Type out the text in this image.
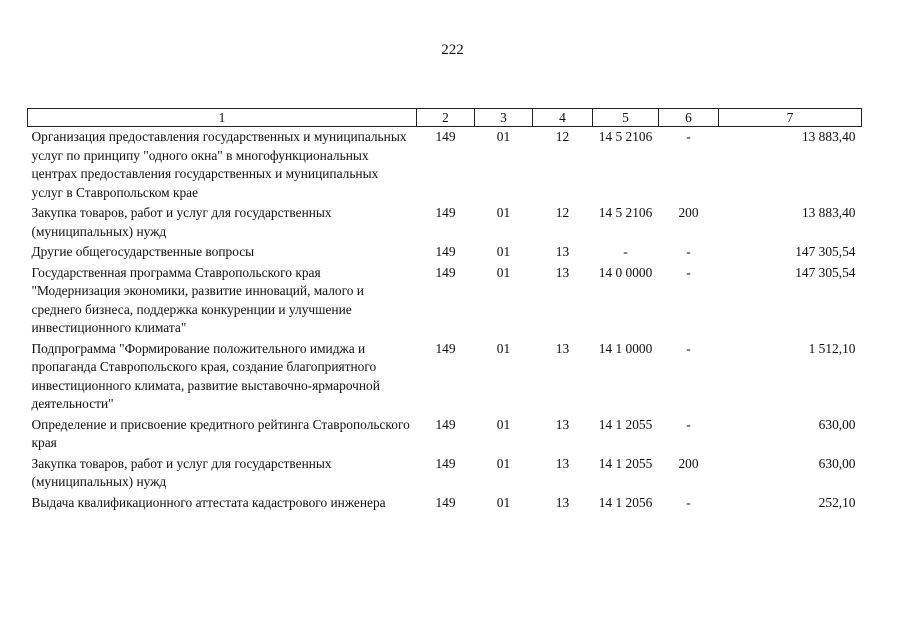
222
1	2	3	4	5	6	7
Организация предоставления государственных и муниципальных услуг по принципу "одного окна" в многофункциональных центрах предоставления государственных и муниципальных услуг в Ставропольском крае	149	01	12	14 5 2106	-	13 883,40
Закупка товаров, работ и услуг для государственных (муниципальных) нужд	149	01	12	14 5 2106	200	13 883,40
Другие общегосударственные вопросы	149	01	13	-	-	147 305,54
Государственная программа Ставропольского края "Модернизация экономики, развитие инноваций, малого и среднего бизнеса, поддержка конкуренции и улучшение инвестиционного климата"	149	01	13	14 0 0000	-	147 305,54
Подпрограмма "Формирование положительного имиджа и пропаганда Ставропольского края, создание благоприятного инвестиционного климата, развитие выставочно-ярмарочной деятельности"	149	01	13	14 1 0000	-	1 512,10
Определение и присвоение кредитного рейтинга Ставропольского края	149	01	13	14 1 2055	-	630,00
Закупка товаров, работ и услуг для государственных (муниципальных) нужд	149	01	13	14 1 2055	200	630,00
Выдача квалификационного аттестата кадастрового инженера	149	01	13	14 1 2056	-	252,10
